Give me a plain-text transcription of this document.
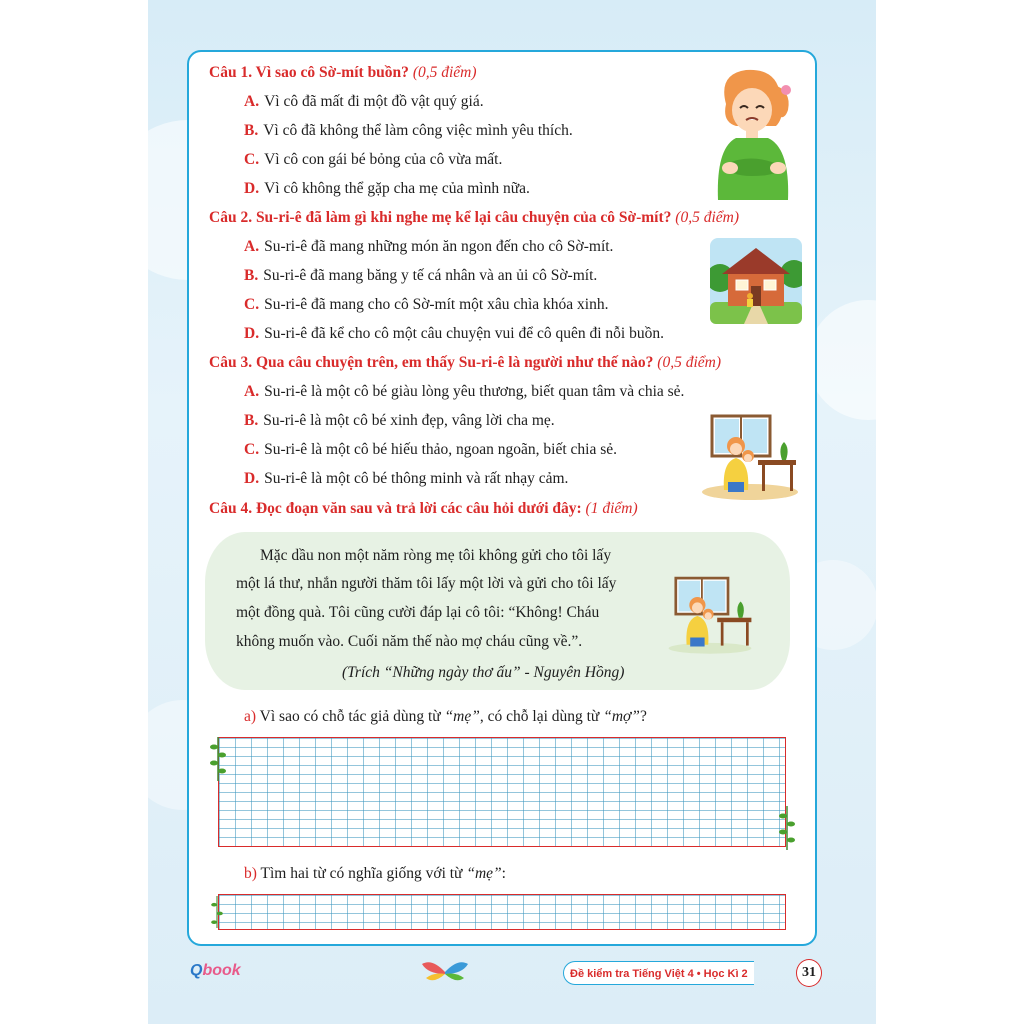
Câu 1. Vì sao cô Sờ-mít buồn? (0,5 điểm)
A. Vì cô đã mất đi một đồ vật quý giá.
B. Vì cô đã không thể làm công việc mình yêu thích.
C. Vì cô con gái bé bỏng của cô vừa mất.
D. Vì cô không thể gặp cha mẹ của mình nữa.
Câu 2. Su-ri-ê đã làm gì khi nghe mẹ kể lại câu chuyện của cô Sờ-mít? (0,5 điểm)
A. Su-ri-ê đã mang những món ăn ngon đến cho cô Sờ-mít.
B. Su-ri-ê đã mang băng y tế cá nhân và an ủi cô Sờ-mít.
C. Su-ri-ê đã mang cho cô Sờ-mít một xâu chìa khóa xinh.
D. Su-ri-ê đã kể cho cô một câu chuyện vui để cô quên đi nỗi buồn.
Câu 3. Qua câu chuyện trên, em thấy Su-ri-ê là người như thế nào? (0,5 điểm)
A. Su-ri-ê là một cô bé giàu lòng yêu thương, biết quan tâm và chia sẻ.
B. Su-ri-ê là một cô bé xinh đẹp, vâng lời cha mẹ.
C. Su-ri-ê là một cô bé hiếu thảo, ngoan ngoãn, biết chia sẻ.
D. Su-ri-ê là một cô bé thông minh và rất nhạy cảm.
Câu 4. Đọc đoạn văn sau và trả lời các câu hỏi dưới đây: (1 điểm)
Mặc dầu non một năm ròng mẹ tôi không gửi cho tôi lấy
một lá thư, nhắn người thăm tôi lấy một lời và gửi cho tôi lấy
một đồng quà. Tôi cũng cười đáp lại cô tôi: “Không! Cháu
không muốn vào. Cuối năm thế nào mợ cháu cũng về.”.
(Trích “Những ngày thơ ấu” - Nguyên Hồng)
a) Vì sao có chỗ tác giả dùng từ “mẹ”, có chỗ lại dùng từ “mợ”?
b) Tìm hai từ có nghĩa giống với từ “mẹ”:
Qbook	Đề kiểm tra Tiếng Việt 4 • Học Kì 2	31
